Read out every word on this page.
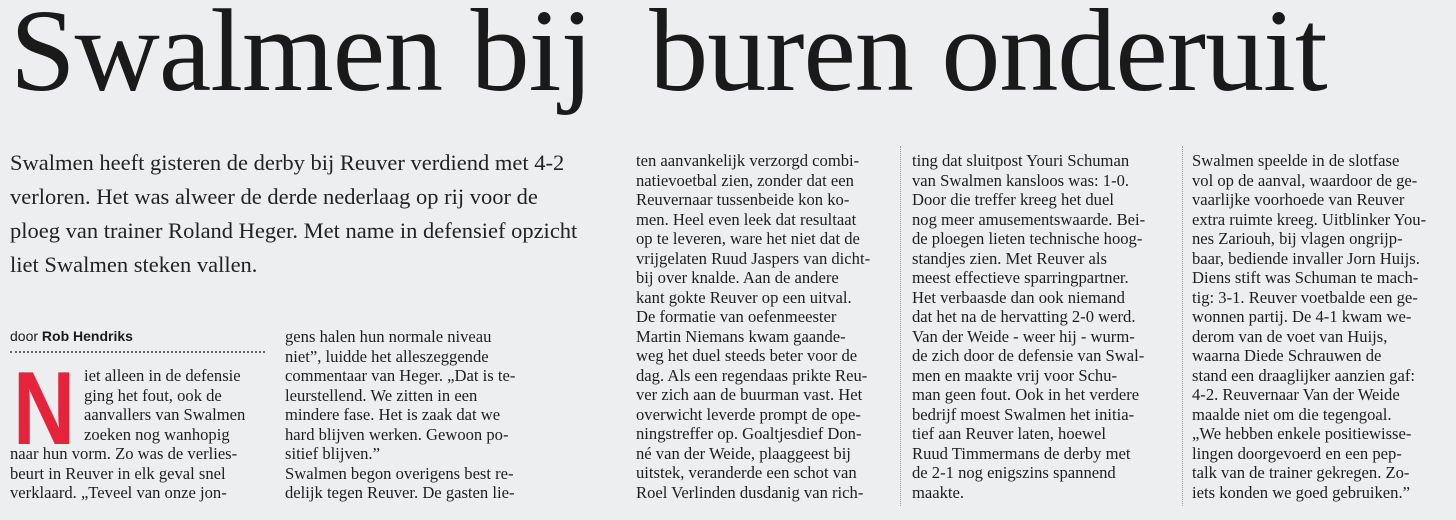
Swalmen bij buren onderuit

Swalmen heeft gisteren de derby bij Reuver verdiend met 4-2 verloren. Het was alweer de derde nederlaag op rij voor de ploeg van trainer Roland Heger. Met name in defensief opzicht liet Swalmen steken vallen.

door Rob Hendriks
N iet alleen in de defensie
ging het fout, ook de
aanvallers van Swalmen
zoeken nog wanhopig
naar hun vorm. Zo was de verlies-
beurt in Reuver in elk geval snel
verklaard. „Teveel van onze jon-
gens halen hun normale niveau
niet”, luidde het alleszeggende
commentaar van Heger. „Dat is te-
leurstellend. We zitten in een
mindere fase. Het is zaak dat we
hard blijven werken. Gewoon po-
sitief blijven.”
Swalmen begon overigens best re-
delijk tegen Reuver. De gasten lie-
ten aanvankelijk verzorgd combi-
natievoetbal zien, zonder dat een
Reuvernaar tussenbeide kon ko-
men. Heel even leek dat resultaat
op te leveren, ware het niet dat de
vrijgelaten Ruud Jaspers van dicht-
bij over knalde. Aan de andere
kant gokte Reuver op een uitval.
De formatie van oefenmeester
Martin Niemans kwam gaande-
weg het duel steeds beter voor de
dag. Als een regendaas prikte Reu-
ver zich aan de buurman vast. Het
overwicht leverde prompt de ope-
ningstreffer op. Goaltjesdief Don-
né van der Weide, plaaggeest bij
uitstek, veranderde een schot van
Roel Verlinden dusdanig van rich-
ting dat sluitpost Youri Schuman
van Swalmen kansloos was: 1-0.
Door die treffer kreeg het duel
nog meer amusementswaarde. Bei-
de ploegen lieten technische hoog-
standjes zien. Met Reuver als
meest effectieve sparringpartner.
Het verbaasde dan ook niemand
dat het na de hervatting 2-0 werd.
Van der Weide - weer hij - wurm-
de zich door de defensie van Swal-
men en maakte vrij voor Schu-
man geen fout. Ook in het verdere
bedrijf moest Swalmen het initia-
tief aan Reuver laten, hoewel
Ruud Timmermans de derby met
de 2-1 nog enigszins spannend
maakte.
Swalmen speelde in de slotfase
vol op de aanval, waardoor de ge-
vaarlijke voorhoede van Reuver
extra ruimte kreeg. Uitblinker You-
nes Zariouh, bij vlagen ongrijp-
baar, bediende invaller Jorn Huijs.
Diens stift was Schuman te mach-
tig: 3-1. Reuver voetbalde een ge-
wonnen partij. De 4-1 kwam we-
derom van de voet van Huijs,
waarna Diede Schrauwen de
stand een draaglijker aanzien gaf:
4-2. Reuvernaar Van der Weide
maalde niet om die tegengoal.
„We hebben enkele positiewisse-
lingen doorgevoerd en een pep-
talk van de trainer gekregen. Zo-
iets konden we goed gebruiken.”
